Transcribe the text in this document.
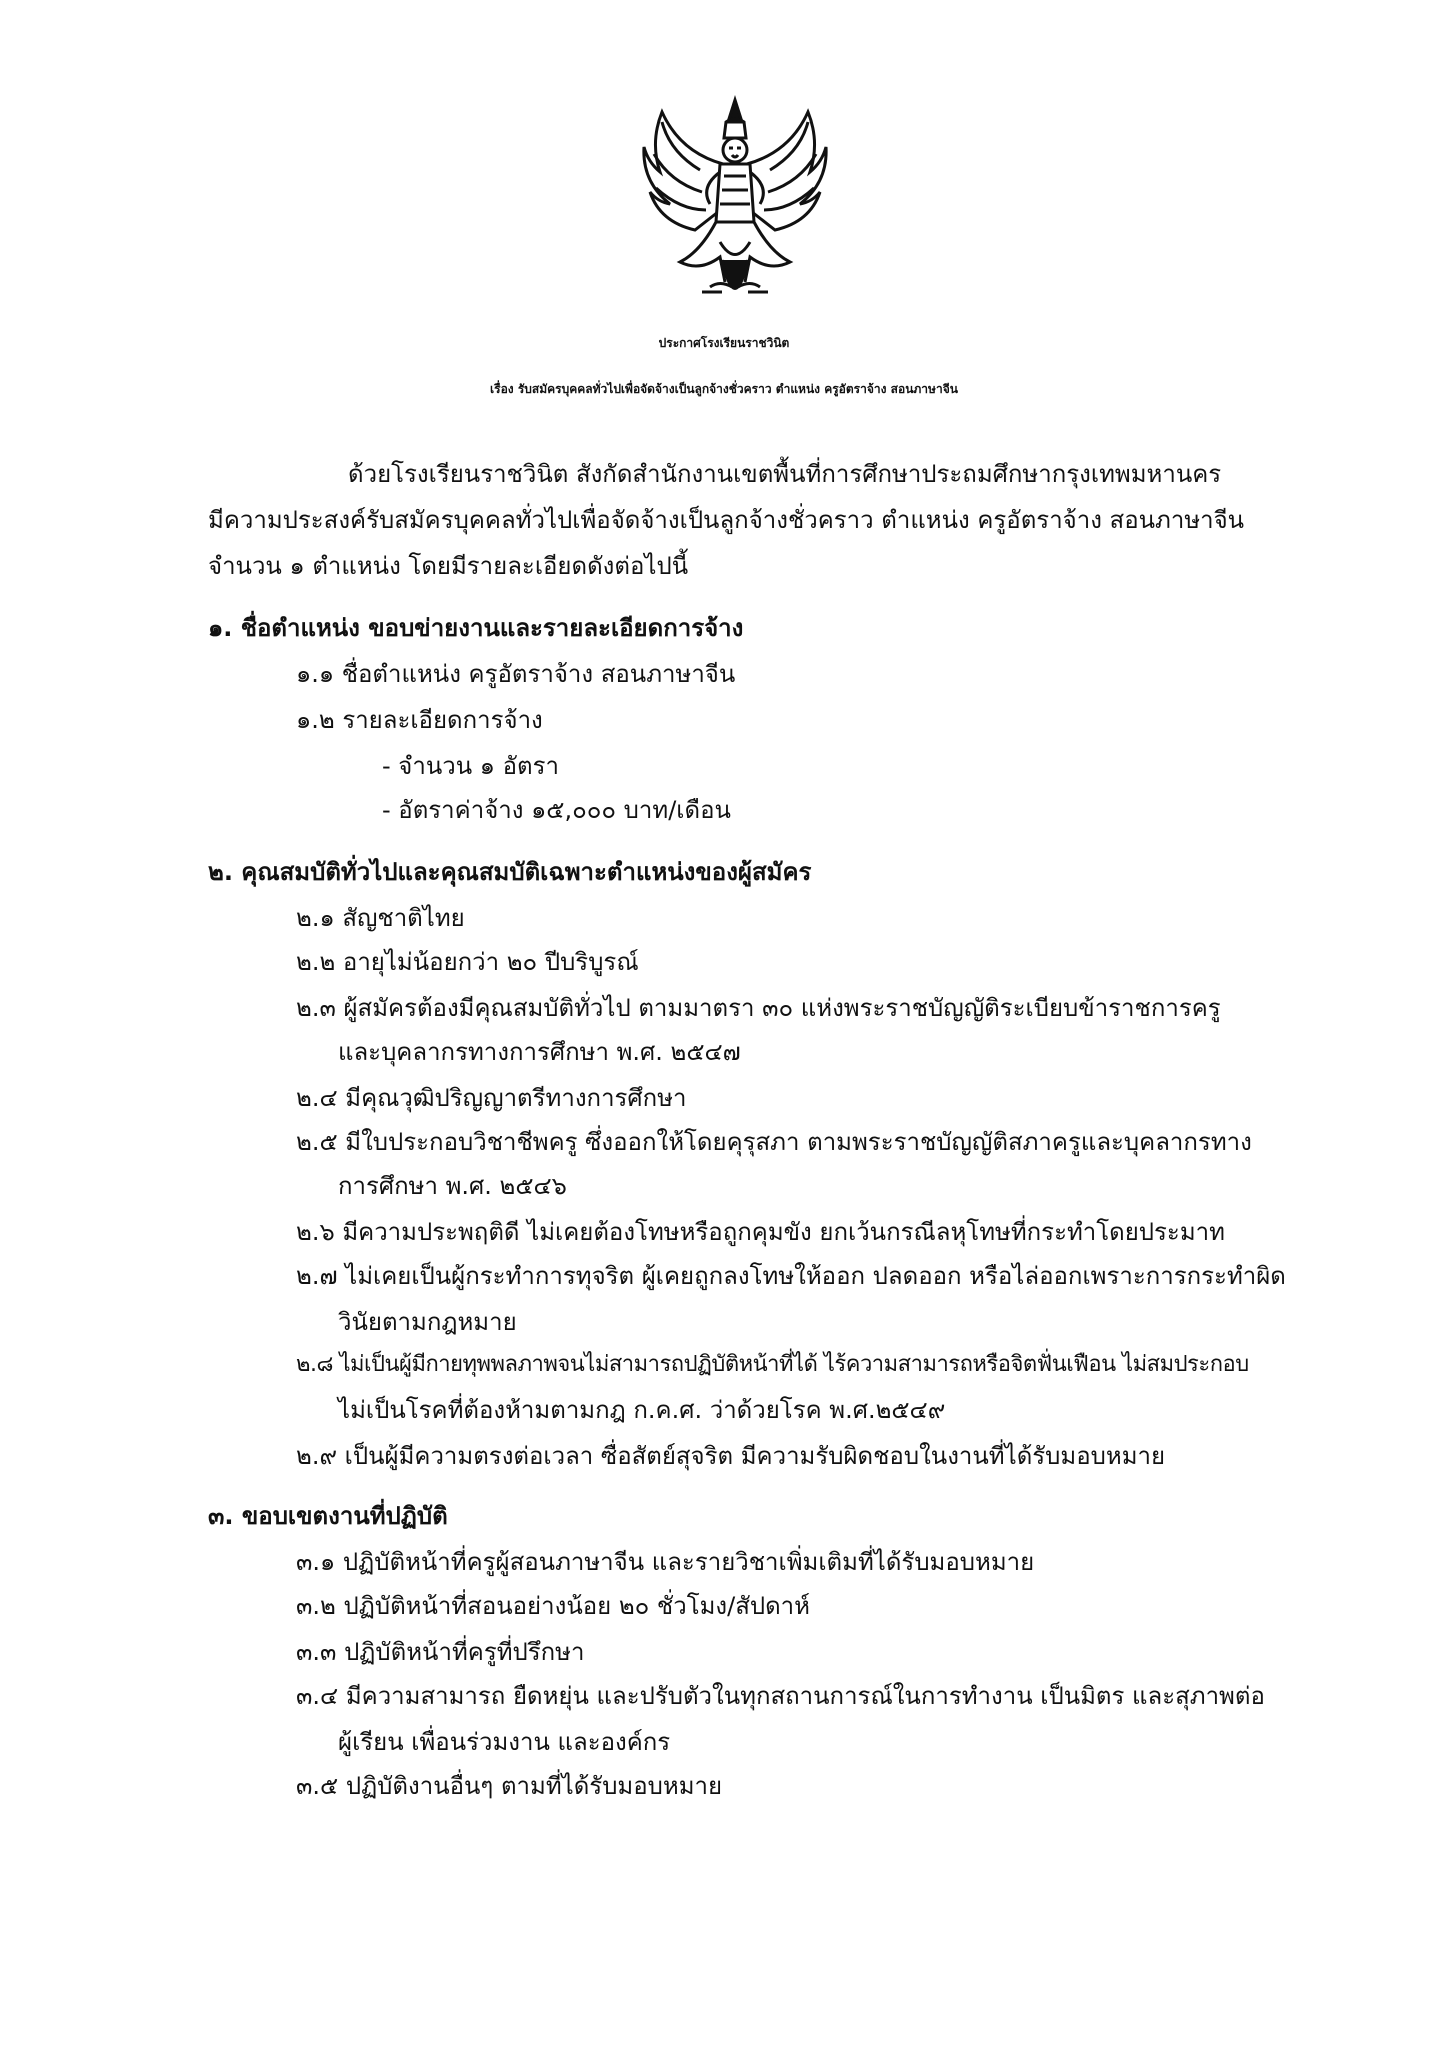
ประกาศโรงเรียนราชวินิต
เรื่อง รับสมัครบุคคลทั่วไปเพื่อจัดจ้างเป็นลูกจ้างชั่วคราว ตำแหน่ง ครูอัตราจ้าง สอนภาษาจีน
ด้วยโรงเรียนราชวินิต สังกัดสำนักงานเขตพื้นที่การศึกษาประถมศึกษากรุงเทพมหานคร
มีความประสงค์รับสมัครบุคคลทั่วไปเพื่อจัดจ้างเป็นลูกจ้างชั่วคราว ตำแหน่ง ครูอัตราจ้าง สอนภาษาจีน
จำนวน ๑ ตำแหน่ง โดยมีรายละเอียดดังต่อไปนี้
๑. ชื่อตำแหน่ง ขอบข่ายงานและรายละเอียดการจ้าง
๑.๑ ชื่อตำแหน่ง ครูอัตราจ้าง สอนภาษาจีน
๑.๒ รายละเอียดการจ้าง
- จำนวน ๑ อัตรา
- อัตราค่าจ้าง ๑๕,๐๐๐ บาท/เดือน
๒. คุณสมบัติทั่วไปและคุณสมบัติเฉพาะตำแหน่งของผู้สมัคร
๒.๑ สัญชาติไทย
๒.๒ อายุไม่น้อยกว่า ๒๐ ปีบริบูรณ์
๒.๓ ผู้สมัครต้องมีคุณสมบัติทั่วไป ตามมาตรา ๓๐ แห่งพระราชบัญญัติระเบียบข้าราชการครู
และบุคลากรทางการศึกษา พ.ศ. ๒๕๔๗
๒.๔ มีคุณวุฒิปริญญาตรีทางการศึกษา
๒.๕ มีใบประกอบวิชาชีพครู ซึ่งออกให้โดยคุรุสภา ตามพระราชบัญญัติสภาครูและบุคลากรทาง
การศึกษา พ.ศ. ๒๕๔๖
๒.๖ มีความประพฤติดี ไม่เคยต้องโทษหรือถูกคุมขัง ยกเว้นกรณีลหุโทษที่กระทำโดยประมาท
๒.๗ ไม่เคยเป็นผู้กระทำการทุจริต ผู้เคยถูกลงโทษให้ออก ปลดออก หรือไล่ออกเพราะการกระทำผิด
วินัยตามกฎหมาย
๒.๘ ไม่เป็นผู้มีกายทุพพลภาพจนไม่สามารถปฏิบัติหน้าที่ได้ ไร้ความสามารถหรือจิตฟั่นเฟือน ไม่สมประกอบ
ไม่เป็นโรคที่ต้องห้ามตามกฎ ก.ค.ศ. ว่าด้วยโรค พ.ศ.๒๕๔๙
๒.๙ เป็นผู้มีความตรงต่อเวลา ซื่อสัตย์สุจริต มีความรับผิดชอบในงานที่ได้รับมอบหมาย
๓. ขอบเขตงานที่ปฏิบัติ
๓.๑ ปฏิบัติหน้าที่ครูผู้สอนภาษาจีน และรายวิชาเพิ่มเติมที่ได้รับมอบหมาย
๓.๒ ปฏิบัติหน้าที่สอนอย่างน้อย ๒๐ ชั่วโมง/สัปดาห์
๓.๓ ปฏิบัติหน้าที่ครูที่ปรึกษา
๓.๔ มีความสามารถ ยืดหยุ่น และปรับตัวในทุกสถานการณ์ในการทำงาน เป็นมิตร และสุภาพต่อ
ผู้เรียน เพื่อนร่วมงาน และองค์กร
๓.๕ ปฏิบัติงานอื่นๆ ตามที่ได้รับมอบหมาย
